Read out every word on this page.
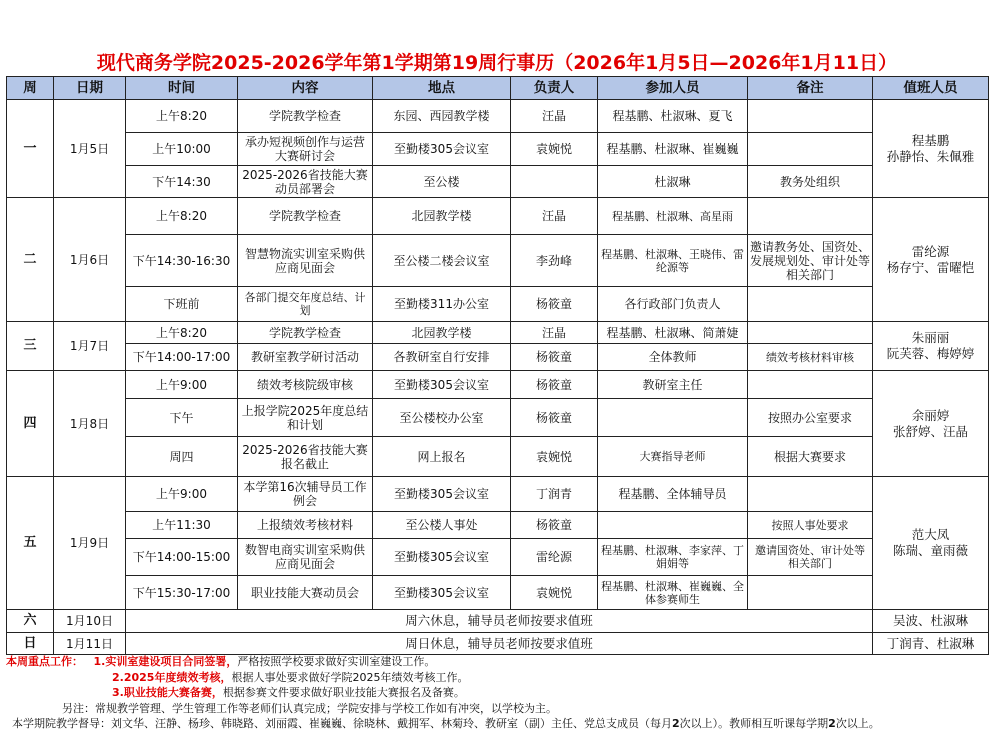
现代商务学院2025-2026学年第1学期第19周行事历（2026年1月5日—2026年1月11日）
周	日期	时间	内容	地点	负责人	参加人员	备注	值班人员
一	1月5日	上午8:20	学院教学检查	东园、西园教学楼	汪晶	程基鹏、杜淑琳、夏飞		程基鹏
孙静怡、朱佩雅

		上午10:00	承办短视频创作与运营大赛研讨会	至勤楼305会议室	袁婉悦	程基鹏、杜淑琳、崔巍巍		
		下午14:30	2025-2026省技能大赛动员部署会	至公楼		杜淑琳	教务处组织	
二	1月6日	上午8:20	学院教学检查	北园教学楼	汪晶	程基鹏、杜淑琳、高星雨		雷纶源
杨存宁、雷曜恺

		下午14:30-16:30	智慧物流实训室采购供应商见面会	至公楼二楼会议室	李劲峰	程基鹏、杜淑琳、王晓伟、雷纶源等	邀请教务处、国资处、发展规划处、审计处等相关部门	
		下班前	各部门提交年度总结、计划	至勤楼311办公室	杨筱童	各行政部门负责人		
三	1月7日	上午8:20	学院教学检查	北园教学楼	汪晶	程基鹏、杜淑琳、简萧婕		朱丽丽
阮芙蓉、梅婷婷

		下午14:00-17:00	教研室教学研讨活动	各教研室自行安排	杨筱童	全体教师	绩效考核材料审核	
四	1月8日	上午9:00	绩效考核院级审核	至勤楼305会议室	杨筱童	教研室主任		余丽婷
张舒婷、汪晶

		下午	上报学院2025年度总结和计划	至公楼校办公室	杨筱童		按照办公室要求	
		周四	2025-2026省技能大赛报名截止	网上报名	袁婉悦	大赛指导老师	根据大赛要求	
五	1月9日	上午9:00	本学第16次辅导员工作例会	至勤楼305会议室	丁润青	程基鹏、全体辅导员		范大凤
陈瑞、童雨薇

		上午11:30	上报绩效考核材料	至公楼人事处	杨筱童		按照人事处要求	
		下午14:00-15:00	数智电商实训室采购供应商见面会	至勤楼305会议室	雷纶源	程基鹏、杜淑琳、李家萍、丁娟娟等	邀请国资处、审计处等相关部门	
		下午15:30-17:00	职业技能大赛动员会	至勤楼305会议室	袁婉悦	程基鹏、杜淑琳、崔巍巍、全体参赛师生		
六	1月10日	周六休息，辅导员老师按要求值班						吴波、杜淑琳
日	1月11日	周日休息，辅导员老师按要求值班						丁润青、杜淑琳
本周重点工作： 1.实训室建设项目合同签署，严格按照学校要求做好实训室建设工作。
2.2025年度绩效考核，根据人事处要求做好学院2025年绩效考核工作。
3.职业技能大赛备赛，根据参赛文件要求做好职业技能大赛报名及备赛。
另注：常规教学管理、学生管理工作等老师们认真完成；学院安排与学校工作如有冲突，以学校为主。
本学期院教学督导：刘文华、汪静、杨珍、韩晓路、刘丽霞、崔巍巍、徐晓林、戴拥军、林菊玲、教研室（副）主任、党总支成员（每月2次以上）。教师相互听课每学期2次以上。
